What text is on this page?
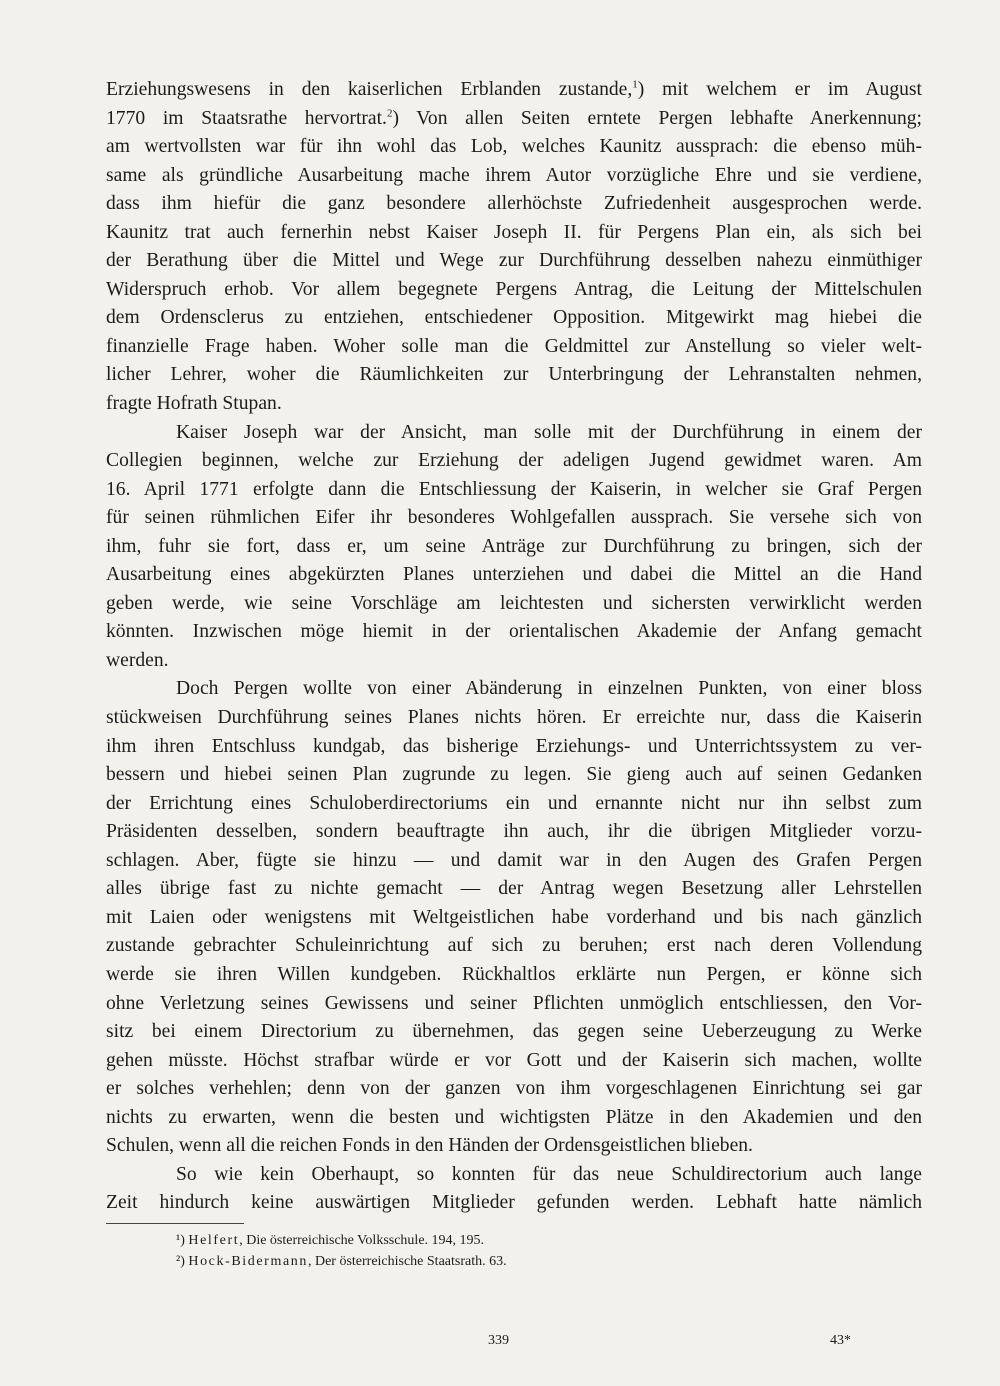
Erziehungswesens in den kaiserlichen Erblanden zustande,$^1$) mit welchem er im August
1770 im Staatsrathe hervortrat.$^2$) Von allen Seiten erntete Pergen lebhafte Anerkennung;
am wertvollsten war für ihn wohl das Lob, welches Kaunitz aussprach: die ebenso müh-
same als gründliche Ausarbeitung mache ihrem Autor vorzügliche Ehre und sie verdiene,
dass ihm hiefür die ganz besondere allerhöchste Zufriedenheit ausgesprochen werde.
Kaunitz trat auch fernerhin nebst Kaiser Joseph II. für Pergens Plan ein, als sich bei
der Berathung über die Mittel und Wege zur Durchführung desselben nahezu einmüthiger
Widerspruch erhob. Vor allem begegnete Pergens Antrag, die Leitung der Mittelschulen
dem Ordensclerus zu entziehen, entschiedener Opposition. Mitgewirkt mag hiebei die
finanzielle Frage haben. Woher solle man die Geldmittel zur Anstellung so vieler welt-
licher Lehrer, woher die Räumlichkeiten zur Unterbringung der Lehranstalten nehmen,
fragte Hofrath Stupan.
Kaiser Joseph war der Ansicht, man solle mit der Durchführung in einem der
Collegien beginnen, welche zur Erziehung der adeligen Jugend gewidmet waren. Am
16. April 1771 erfolgte dann die Entschliessung der Kaiserin, in welcher sie Graf Pergen
für seinen rühmlichen Eifer ihr besonderes Wohlgefallen aussprach. Sie versehe sich von
ihm, fuhr sie fort, dass er, um seine Anträge zur Durchführung zu bringen, sich der
Ausarbeitung eines abgekürzten Planes unterziehen und dabei die Mittel an die Hand
geben werde, wie seine Vorschläge am leichtesten und sichersten verwirklicht werden
könnten. Inzwischen möge hiemit in der orientalischen Akademie der Anfang gemacht
werden.
Doch Pergen wollte von einer Abänderung in einzelnen Punkten, von einer bloss
stückweisen Durchführung seines Planes nichts hören. Er erreichte nur, dass die Kaiserin
ihm ihren Entschluss kundgab, das bisherige Erziehungs- und Unterrichtssystem zu ver-
bessern und hiebei seinen Plan zugrunde zu legen. Sie gieng auch auf seinen Gedanken
der Errichtung eines Schuloberdirectoriums ein und ernannte nicht nur ihn selbst zum
Präsidenten desselben, sondern beauftragte ihn auch, ihr die übrigen Mitglieder vorzu-
schlagen. Aber, fügte sie hinzu — und damit war in den Augen des Grafen Pergen
alles übrige fast zu nichte gemacht — der Antrag wegen Besetzung aller Lehrstellen
mit Laien oder wenigstens mit Weltgeistlichen habe vorderhand und bis nach gänzlich
zustande gebrachter Schuleinrichtung auf sich zu beruhen; erst nach deren Vollendung
werde sie ihren Willen kundgeben. Rückhaltlos erklärte nun Pergen, er könne sich
ohne Verletzung seines Gewissens und seiner Pflichten unmöglich entschliessen, den Vor-
sitz bei einem Directorium zu übernehmen, das gegen seine Ueberzeugung zu Werke
gehen müsste. Höchst strafbar würde er vor Gott und der Kaiserin sich machen, wollte
er solches verhehlen; denn von der ganzen von ihm vorgeschlagenen Einrichtung sei gar
nichts zu erwarten, wenn die besten und wichtigsten Plätze in den Akademien und den
Schulen, wenn all die reichen Fonds in den Händen der Ordensgeistlichen blieben.
So wie kein Oberhaupt, so konnten für das neue Schuldirectorium auch lange
Zeit hindurch keine auswärtigen Mitglieder gefunden werden. Lebhaft hatte nämlich
¹) Helfert, Die österreichische Volksschule. 194, 195.
²) Hock-Bidermann, Der österreichische Staatsrath. 63.
339	43*
